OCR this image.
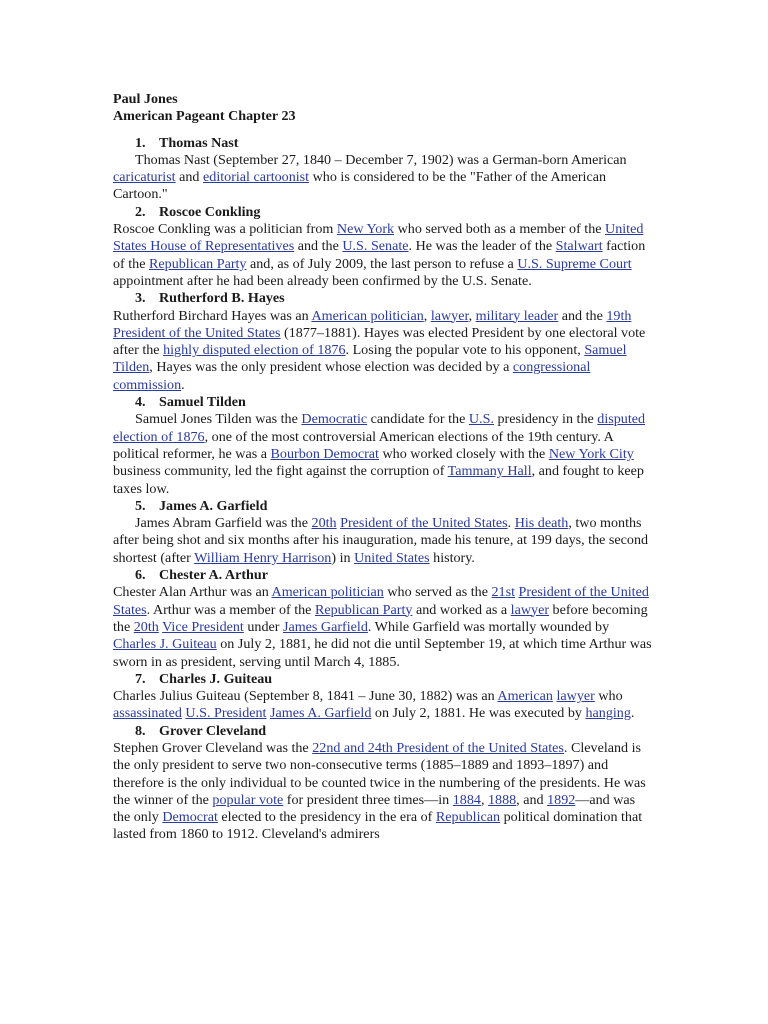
Paul Jones
American Pageant Chapter 23
1. Thomas Nast
Thomas Nast (September 27, 1840 – December 7, 1902) was a German-born American caricaturist and editorial cartoonist who is considered to be the "Father of the American Cartoon."
2. Roscoe Conkling
Roscoe Conkling was a politician from New York who served both as a member of the United States House of Representatives and the U.S. Senate. He was the leader of the Stalwart faction of the Republican Party and, as of July 2009, the last person to refuse a U.S. Supreme Court appointment after he had been already been confirmed by the U.S. Senate.
3. Rutherford B. Hayes
Rutherford Birchard Hayes was an American politician, lawyer, military leader and the 19th President of the United States (1877–1881). Hayes was elected President by one electoral vote after the highly disputed election of 1876. Losing the popular vote to his opponent, Samuel Tilden, Hayes was the only president whose election was decided by a congressional commission.
4. Samuel Tilden
Samuel Jones Tilden was the Democratic candidate for the U.S. presidency in the disputed election of 1876, one of the most controversial American elections of the 19th century. A political reformer, he was a Bourbon Democrat who worked closely with the New York City business community, led the fight against the corruption of Tammany Hall, and fought to keep taxes low.
5. James A. Garfield
James Abram Garfield was the 20th President of the United States. His death, two months after being shot and six months after his inauguration, made his tenure, at 199 days, the second shortest (after William Henry Harrison) in United States history.
6. Chester A. Arthur
Chester Alan Arthur was an American politician who served as the 21st President of the United States. Arthur was a member of the Republican Party and worked as a lawyer before becoming the 20th Vice President under James Garfield. While Garfield was mortally wounded by Charles J. Guiteau on July 2, 1881, he did not die until September 19, at which time Arthur was sworn in as president, serving until March 4, 1885.
7. Charles J. Guiteau
Charles Julius Guiteau (September 8, 1841 – June 30, 1882) was an American lawyer who assassinated U.S. President James A. Garfield on July 2, 1881. He was executed by hanging.
8. Grover Cleveland
Stephen Grover Cleveland was the 22nd and 24th President of the United States. Cleveland is the only president to serve two non-consecutive terms (1885–1889 and 1893–1897) and therefore is the only individual to be counted twice in the numbering of the presidents. He was the winner of the popular vote for president three times—in 1884, 1888, and 1892—and was the only Democrat elected to the presidency in the era of Republican political domination that lasted from 1860 to 1912. Cleveland's admirers
